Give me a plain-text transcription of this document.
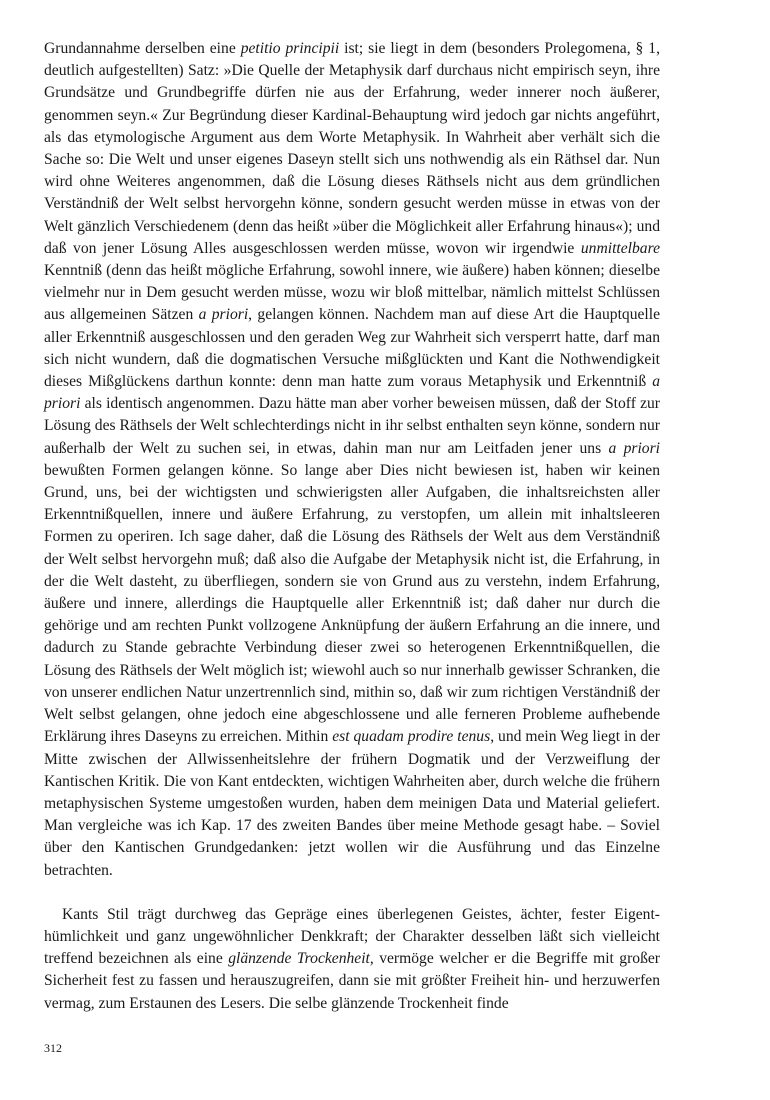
Grundannahme derselben eine petitio principii ist; sie liegt in dem (besonders Prolegomena, § 1, deutlich aufgestellten) Satz: »Die Quelle der Metaphysik darf durchaus nicht empirisch seyn, ihre Grundsätze und Grundbegriffe dürfen nie aus der Erfahrung, weder innerer noch äußerer, genommen seyn.« Zur Begründung dieser Kardinal-Behauptung wird jedoch gar nichts angeführt, als das etymologische Argument aus dem Worte Metaphysik. In Wahrheit aber verhält sich die Sache so: Die Welt und unser eigenes Daseyn stellt sich uns nothwendig als ein Räthsel dar. Nun wird ohne Weiteres angenommen, daß die Lösung dieses Räthsels nicht aus dem gründlichen Verständniß der Welt selbst hervorgehn könne, sondern gesucht werden müsse in etwas von der Welt gänzlich Verschiedenem (denn das heißt »über die Möglichkeit aller Erfahrung hinaus«); und daß von jener Lösung Alles ausgeschlossen werden müsse, wovon wir irgendwie unmittelbare Kenntniß (denn das heißt mögliche Erfahrung, sowohl innere, wie äußere) haben können; dieselbe vielmehr nur in Dem gesucht werden müsse, wozu wir bloß mittelbar, nämlich mittelst Schlüssen aus allgemeinen Sätzen a priori, gelangen können. Nachdem man auf diese Art die Hauptquelle aller Erkenntniß ausgeschlossen und den geraden Weg zur Wahrheit sich versperrt hatte, darf man sich nicht wundern, daß die dogmatischen Versuche mißglückten und Kant die Nothwendigkeit dieses Mißglückens darthun konnte: denn man hatte zum voraus Metaphysik und Erkenntniß a priori als identisch angenommen. Dazu hätte man aber vorher beweisen müssen, daß der Stoff zur Lösung des Räthsels der Welt schlechterdings nicht in ihr selbst enthalten seyn könne, sondern nur außerhalb der Welt zu suchen sei, in etwas, dahin man nur am Leitfaden jener uns a priori bewußten Formen gelangen könne. So lange aber Dies nicht bewiesen ist, haben wir keinen Grund, uns, bei der wichtigsten und schwierigsten aller Aufgaben, die inhaltsreichsten aller Erkenntnißquellen, innere und äußere Erfahrung, zu verstopfen, um allein mit inhaltsleeren Formen zu operiren. Ich sage daher, daß die Lösung des Räthsels der Welt aus dem Verständniß der Welt selbst hervorgehn muß; daß also die Aufgabe der Metaphysik nicht ist, die Erfahrung, in der die Welt dasteht, zu überfliegen, sondern sie von Grund aus zu verstehn, indem Erfahrung, äußere und innere, allerdings die Hauptquelle aller Erkenntniß ist; daß daher nur durch die gehörige und am rechten Punkt vollzogene Anknüpfung der äußern Erfahrung an die innere, und dadurch zu Stande gebrachte Verbindung dieser zwei so heterogenen Erkenntnißquellen, die Lösung des Räthsels der Welt möglich ist; wiewohl auch so nur innerhalb gewisser Schranken, die von unserer endlichen Natur unzertrennlich sind, mithin so, daß wir zum richtigen Verständniß der Welt selbst gelangen, ohne jedoch eine abgeschlossene und alle ferneren Probleme aufhebende Erklärung ihres Daseyns zu erreichen. Mithin est quadam prodire tenus, und mein Weg liegt in der Mitte zwischen der Allwissenheitslehre der frühern Dogmatik und der Verzweiflung der Kantischen Kritik. Die von Kant entdeckten, wichtigen Wahrheiten aber, durch welche die frühern metaphysischen Systeme umgestoßen wurden, haben dem meinigen Data und Material geliefert. Man vergleiche was ich Kap. 17 des zweiten Bandes über meine Methode gesagt habe. – Soviel über den Kantischen Grundgedanken: jetzt wollen wir die Ausführung und das Einzelne betrachten.

Kants Stil trägt durchweg das Gepräge eines überlegenen Geistes, ächter, fester Eigenthümlichkeit und ganz ungewöhnlicher Denkkraft; der Charakter desselben läßt sich vielleicht treffend bezeichnen als eine glänzende Trockenheit, vermöge welcher er die Begriffe mit großer Sicherheit fest zu fassen und herauszugreifen, dann sie mit größter Freiheit hin- und herzuwerfen vermag, zum Erstaunen des Lesers. Die selbe glänzende Trockenheit finde

312
